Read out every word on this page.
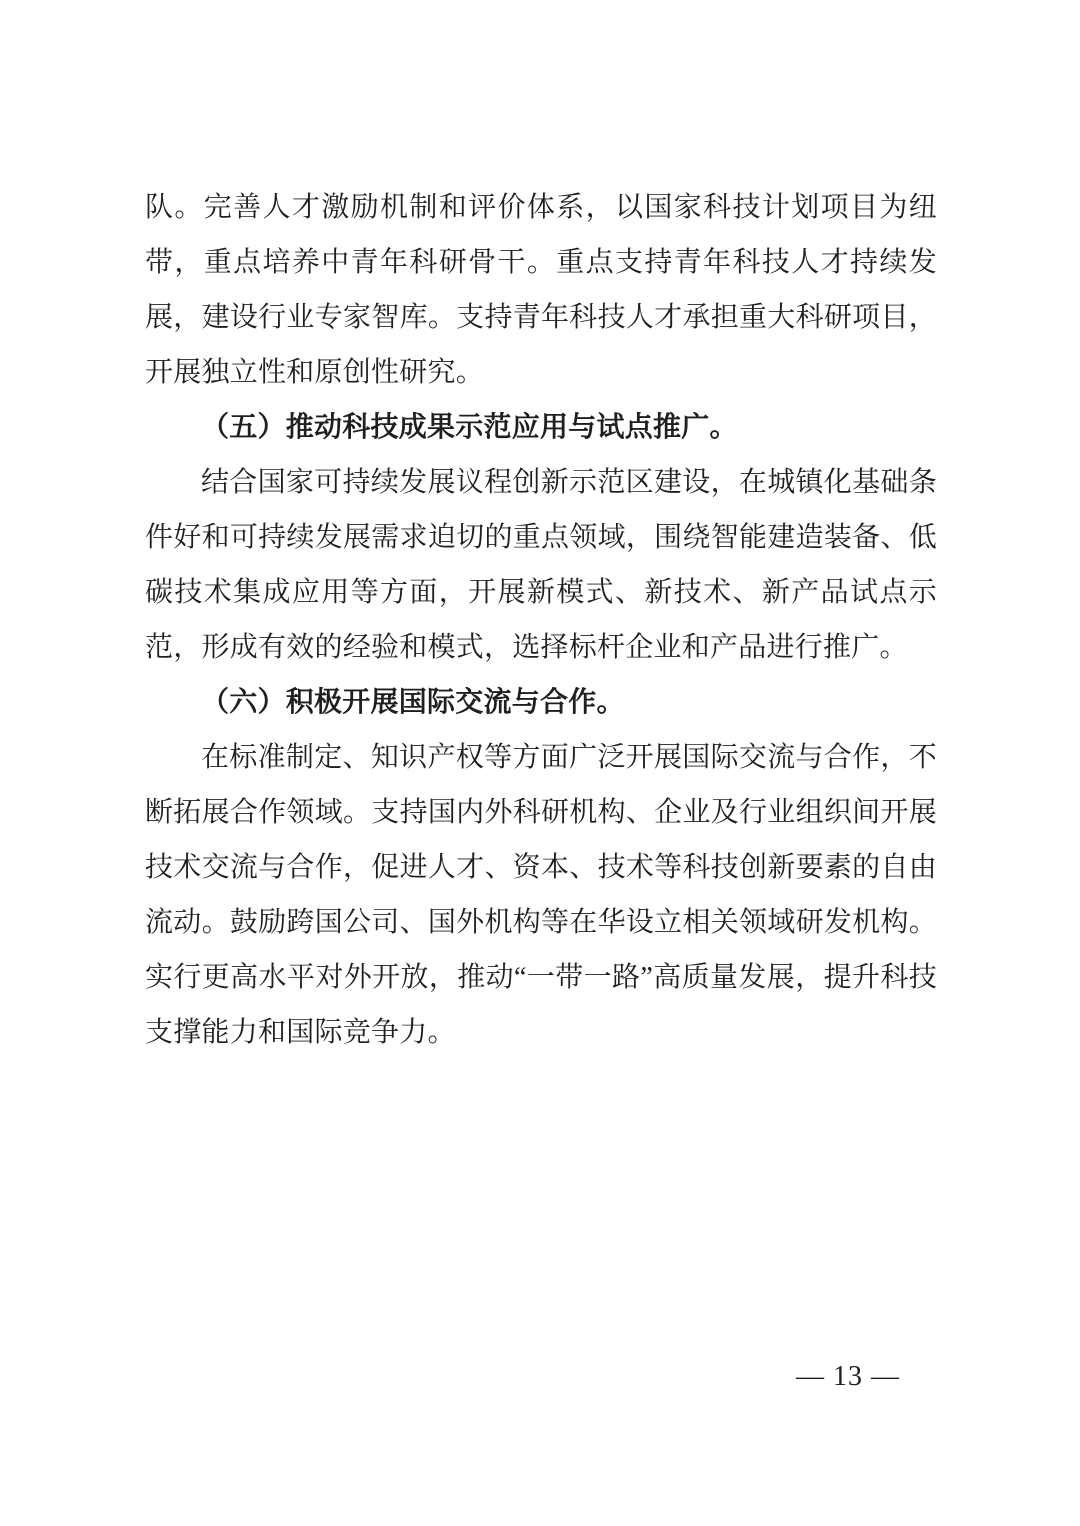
队。完善人才激励机制和评价体系，以国家科技计划项目为纽带，重点培养中青年科研骨干。重点支持青年科技人才持续发展，建设行业专家智库。支持青年科技人才承担重大科研项目，开展独立性和原创性研究。

（五）推动科技成果示范应用与试点推广。

结合国家可持续发展议程创新示范区建设，在城镇化基础条件好和可持续发展需求迫切的重点领域，围绕智能建造装备、低碳技术集成应用等方面，开展新模式、新技术、新产品试点示范，形成有效的经验和模式，选择标杆企业和产品进行推广。

（六）积极开展国际交流与合作。

在标准制定、知识产权等方面广泛开展国际交流与合作，不断拓展合作领域。支持国内外科研机构、企业及行业组织间开展技术交流与合作，促进人才、资本、技术等科技创新要素的自由流动。鼓励跨国公司、国外机构等在华设立相关领域研发机构。实行更高水平对外开放，推动“一带一路”高质量发展，提升科技支撑能力和国际竞争力。

— 13 —
